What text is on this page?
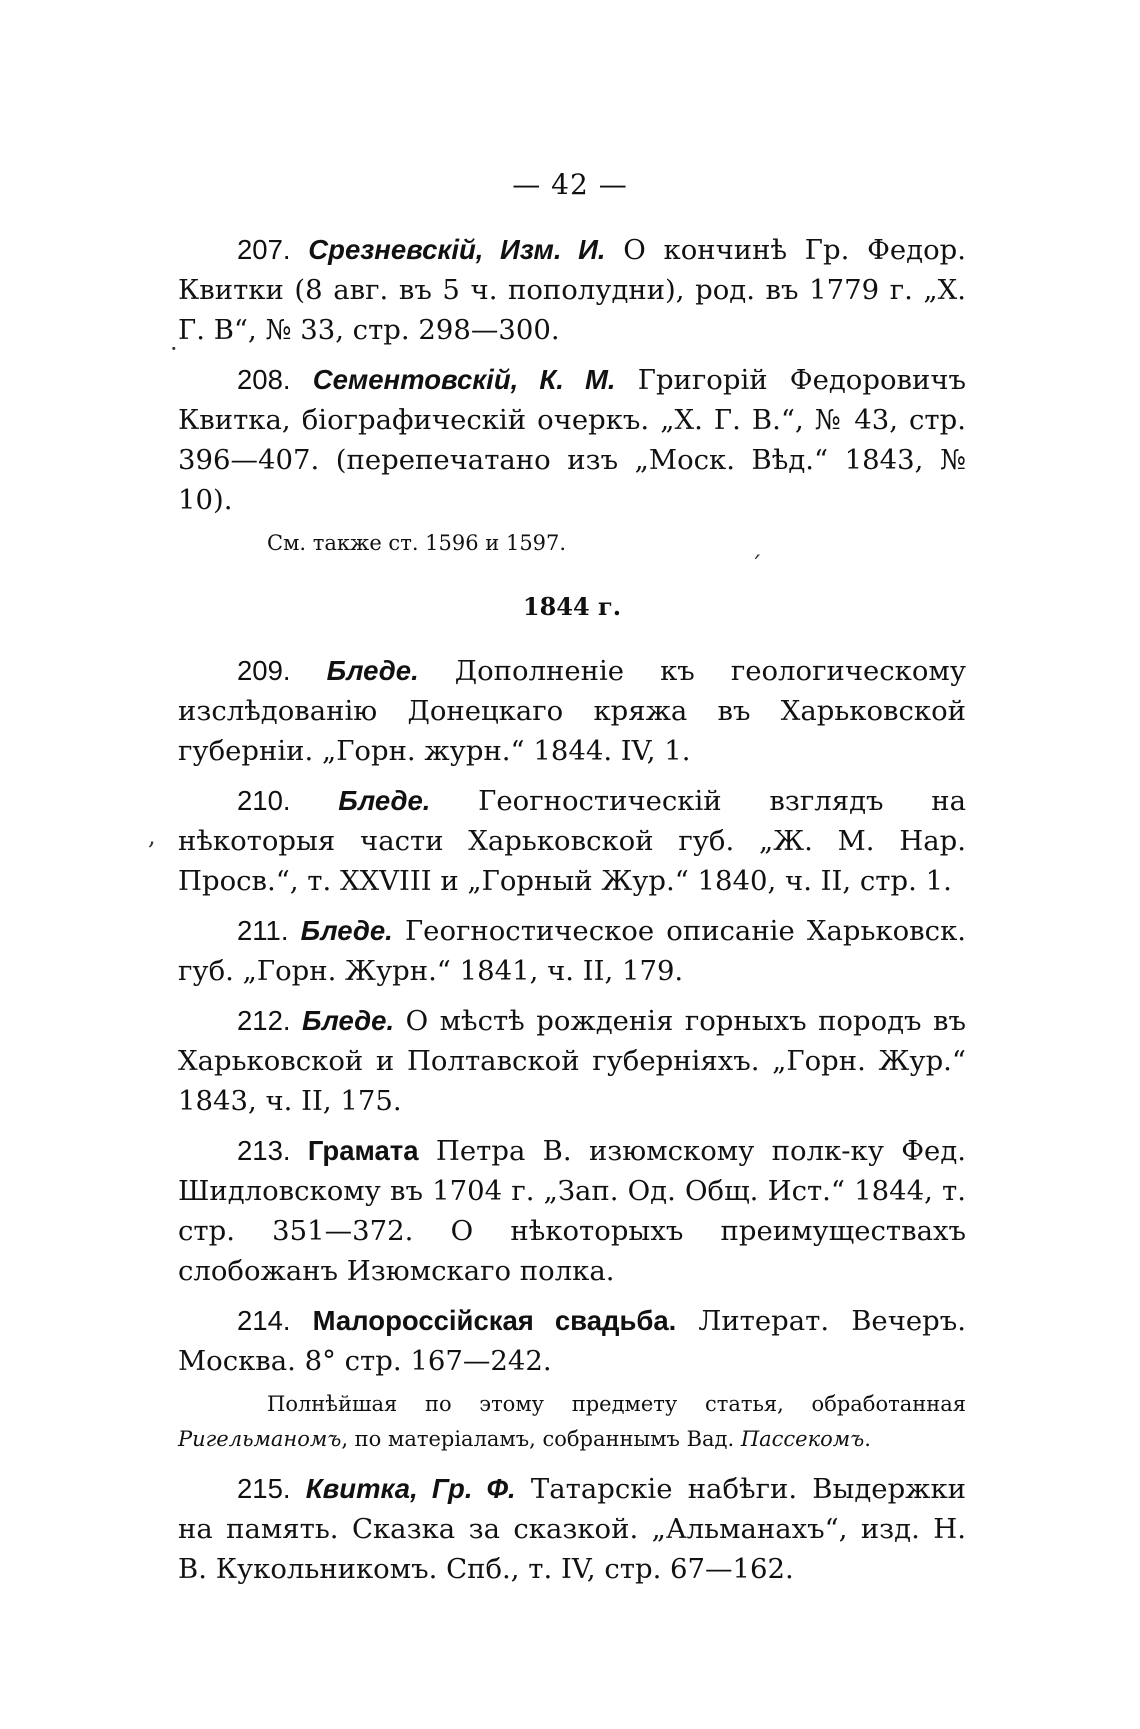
— 42 —
·
,
ˊ

207. Срезневскій, Изм. И. О кончинѣ Гр. Федор. Квитки (8 авг. въ 5 ч. пополудни), род. въ 1779 г. „Х. Г. В“, № 33, стр. 298—300.

208. Сементовскій, К. М. Григорій Федоровичъ Квитка, біографическій очеркъ. „Х. Г. В.“, № 43, стр. 396—407. (перепечатано изъ „Моск. Вѣд.“ 1843, № 10).

См. также ст. 1596 и 1597.

1844 г.

209. Бледе. Дополненіе къ геологическому изслѣдованію Донецкаго кряжа въ Харьковской губерніи. „Горн. журн.“ 1844. IV, 1.

210. Бледе. Геогностическій взглядъ на нѣкоторыя части Харьковской губ. „Ж. М. Нар. Просв.“, т. XXVIII и „Горный Жур.“ 1840, ч. II, стр. 1.

211. Бледе. Геогностическое описаніе Харьковск. губ. „Горн. Журн.“ 1841, ч. II, 179.

212. Бледе. О мѣстѣ рожденія горныхъ породъ въ Харьковской и Полтавской губерніяхъ. „Горн. Жур.“ 1843, ч. II, 175.

213. Грамата Петра В. изюмскому полк-ку Фед. Шидловскому въ 1704 г. „Зап. Од. Общ. Ист.“ 1844, т. стр. 351—372. О нѣкоторыхъ преимуществахъ слобожанъ Изюмскаго полка.

214. Малороссійская свадьба. Литерат. Вечеръ. Москва. 8° стр. 167—242.

Полнѣйшая по этому предмету статья, обработанная Ригельманомъ, по матеріаламъ, собраннымъ Вад. Пассекомъ.

215. Квитка, Гр. Ф. Татарскіе набѣги. Выдержки на память. Сказка за сказкой. „Альманахъ“, изд. Н. В. Кукольникомъ. Спб., т. IV, стр. 67—162.
